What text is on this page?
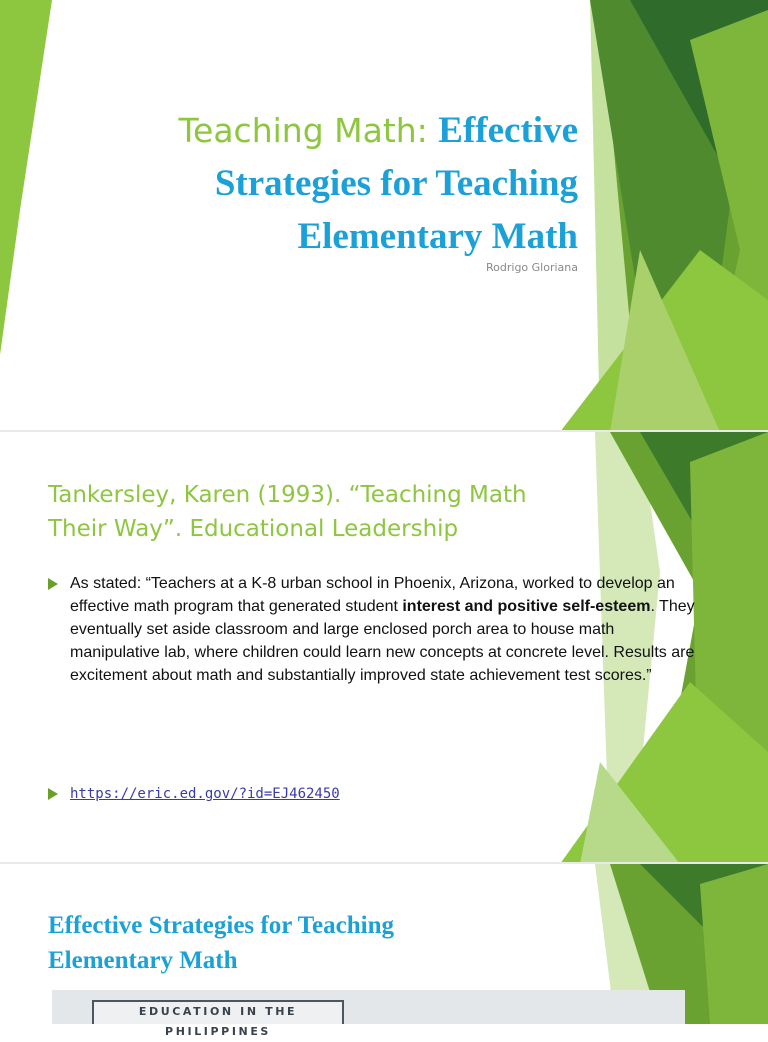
Teaching Math: Effective
Strategies for Teaching
Elementary Math
Rodrigo Gloriana
Tankersley, Karen (1993). “Teaching Math
Their Way”. Educational Leadership
As stated: “Teachers at a K-8 urban school in Phoenix, Arizona, worked to develop an effective math program that generated student interest and positive self-esteem. They eventually set aside classroom and large enclosed porch area to house math manipulative lab, where children could learn new concepts at concrete level. Results are excitement about math and substantially improved state achievement test scores.”
https://eric.ed.gov/?id=EJ462450
Effective Strategies for Teaching
Elementary Math
EDUCATION IN THE PHILIPPINES
